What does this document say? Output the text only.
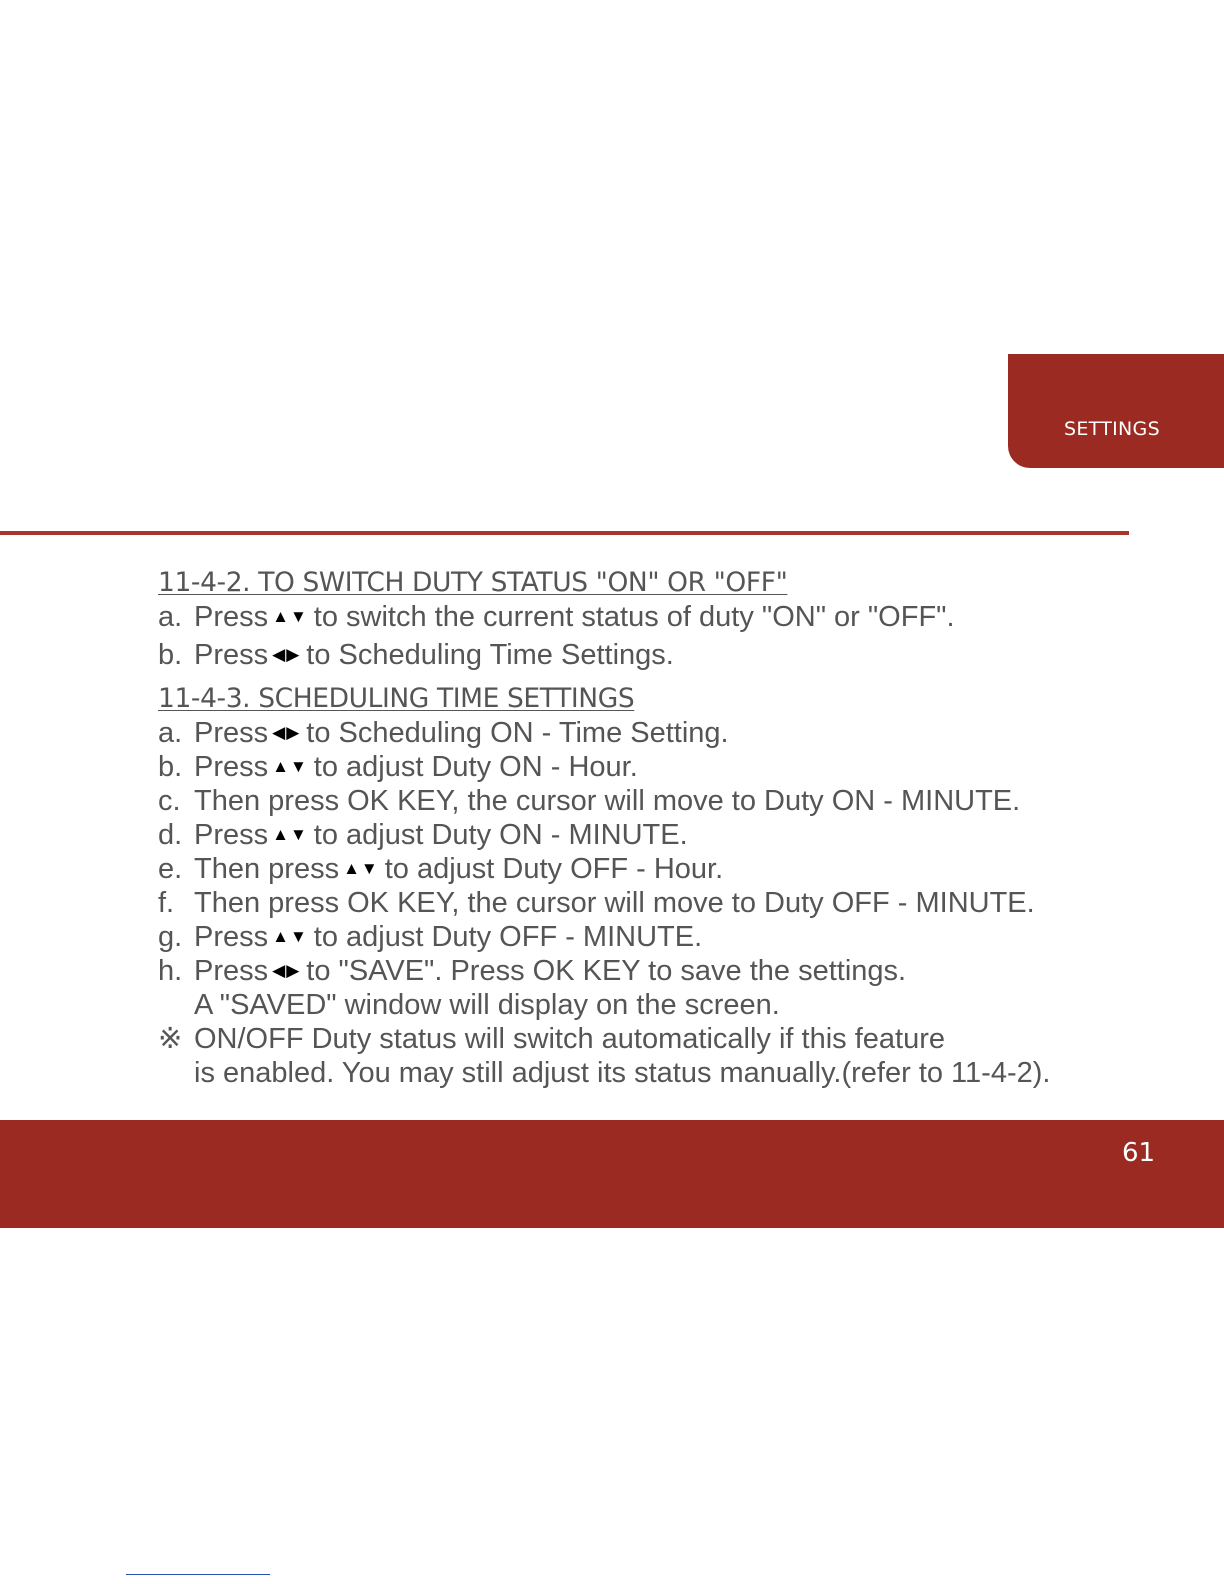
SETTINGS
11-4-2. TO SWITCH DUTY STATUS "ON" OR "OFF"
a. Press ▲▼ to switch the current status of duty "ON" or "OFF".
b. Press ◀▶ to Scheduling Time Settings.
11-4-3. SCHEDULING TIME SETTINGS
a. Press ◀▶ to Scheduling ON - Time Setting.
b. Press ▲▼ to adjust Duty ON - Hour.
c. Then press OK KEY, the cursor will move to Duty ON - MINUTE.
d. Press ▲▼ to adjust Duty ON - MINUTE.
e. Then press ▲▼ to adjust Duty OFF - Hour.
f. Then press OK KEY, the cursor will move to Duty OFF - MINUTE.
g. Press ▲▼ to adjust Duty OFF - MINUTE.
h. Press ◀▶ to "SAVE". Press OK KEY to save the settings.
A "SAVED" window will display on the screen.
※ ON/OFF Duty status will switch automatically if this feature
is enabled. You may still adjust its status manually.(refer to 11-4-2).
61
